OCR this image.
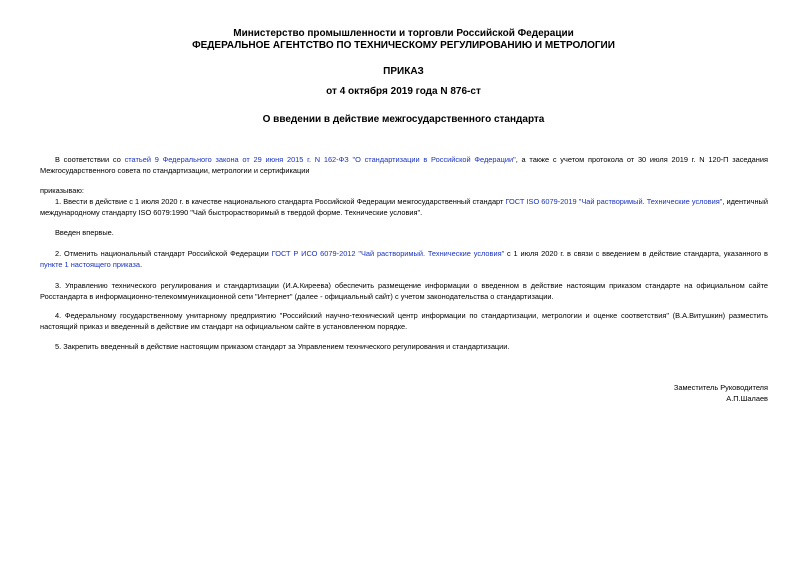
Министерство промышленности и торговли Российской Федерации
ФЕДЕРАЛЬНОЕ АГЕНТСТВО ПО ТЕХНИЧЕСКОМУ РЕГУЛИРОВАНИЮ И МЕТРОЛОГИИ
ПРИКАЗ
от 4 октября 2019 года N 876-ст
О введении в действие межгосударственного стандарта
В соответствии со статьей 9 Федерального закона от 29 июня 2015 г. N 162-ФЗ "О стандартизации в Российской Федерации", а также с учетом протокола от 30 июля 2019 г. N 120-П заседания Межгосударственного совета по стандартизации, метрологии и сертификации
приказываю:
1. Ввести в действие с 1 июля 2020 г. в качестве национального стандарта Российской Федерации межгосударственный стандарт ГОСТ ISO 6079-2019 "Чай растворимый. Технические условия", идентичный международному стандарту ISO 6079:1990 "Чай быстрорастворимый в твердой форме. Технические условия".
Введен впервые.
2. Отменить национальный стандарт Российской Федерации ГОСТ Р ИСО 6079-2012 "Чай растворимый. Технические условия" с 1 июля 2020 г. в связи с введением в действие стандарта, указанного в пункте 1 настоящего приказа.
3. Управлению технического регулирования и стандартизации (И.А.Киреева) обеспечить размещение информации о введенном в действие настоящим приказом стандарте на официальном сайте Росстандарта в информационно-телекоммуникационной сети "Интернет" (далее - официальный сайт) с учетом законодательства о стандартизации.
4. Федеральному государственному унитарному предприятию "Российский научно-технический центр информации по стандартизации, метрологии и оценке соответствия" (В.А.Витушкин) разместить настоящий приказ и введенный в действие им стандарт на официальном сайте в установленном порядке.
5. Закрепить введенный в действие настоящим приказом стандарт за Управлением технического регулирования и стандартизации.
Заместитель Руководителя
А.П.Шалаев
